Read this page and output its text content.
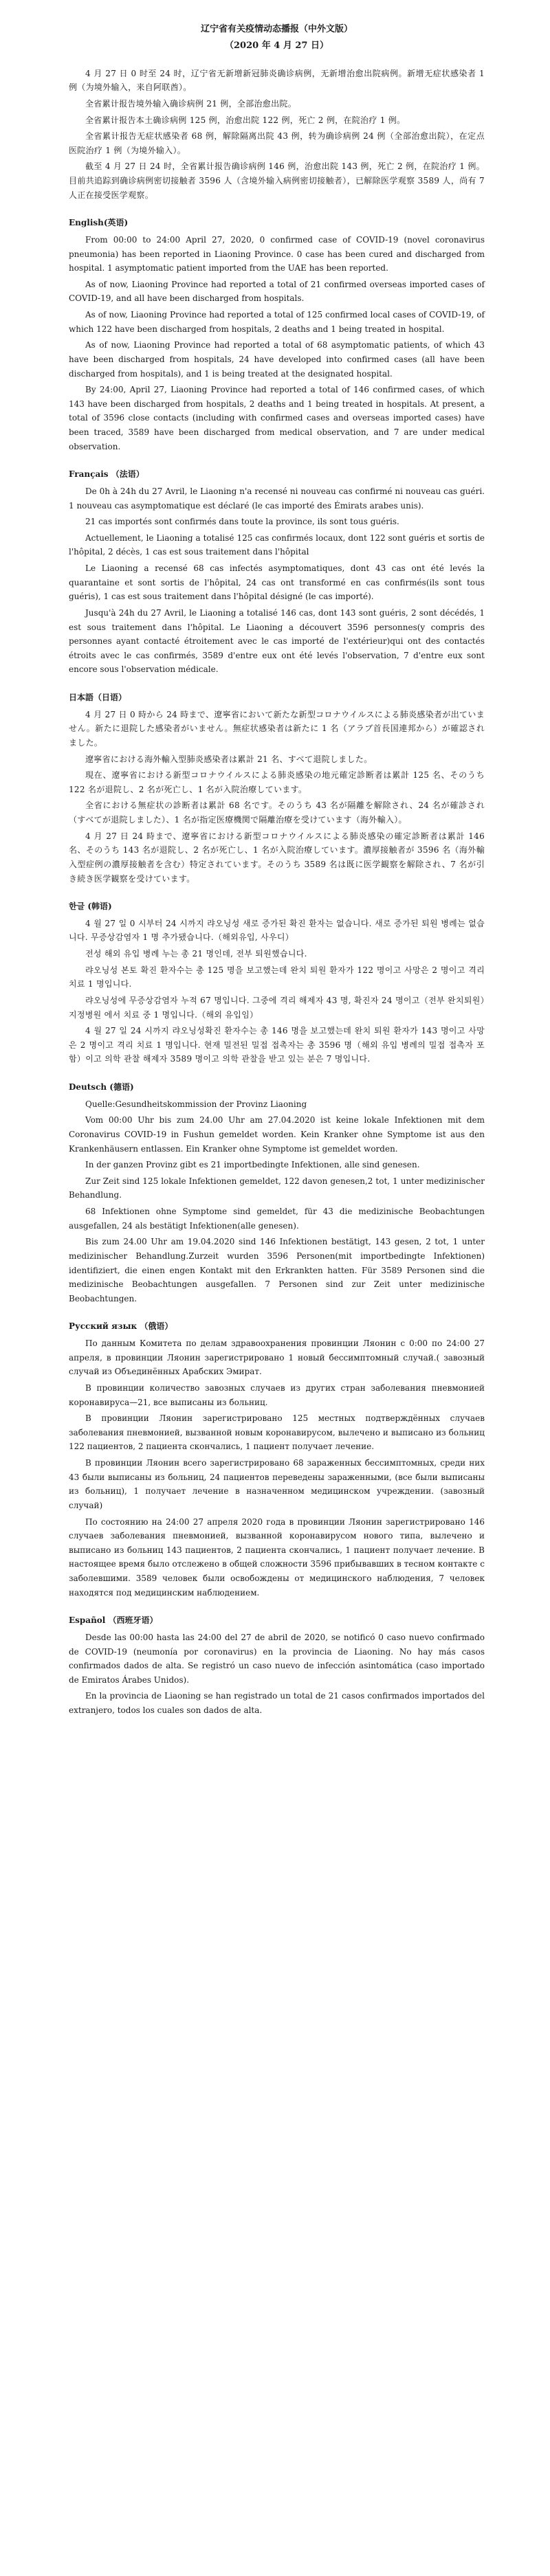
辽宁省有关疫情动态播报（中外文版）

（2020 年 4 月 27 日）

4 月 27 日 0 时至 24 时，辽宁省无新增新冠肺炎确诊病例，无新增治愈出院病例。新增无症状感染者 1 例（为境外输入，来自阿联酋）。

全省累计报告境外输入确诊病例 21 例，全部治愈出院。

全省累计报告本土确诊病例 125 例，治愈出院 122 例，死亡 2 例，在院治疗 1 例。

全省累计报告无症状感染者 68 例，解除隔离出院 43 例，转为确诊病例 24 例（全部治愈出院），在定点医院治疗 1 例（为境外输入）。

截至 4 月 27 日 24 时，全省累计报告确诊病例 146 例，治愈出院 143 例，死亡 2 例，在院治疗 1 例。目前共追踪到确诊病例密切接触者 3596 人（含境外输入病例密切接触者），已解除医学观察 3589 人，尚有 7 人正在接受医学观察。

English(英语)

From 00:00 to 24:00 April 27, 2020, 0 confirmed case of COVID-19 (novel coronavirus pneumonia) has been reported in Liaoning Province. 0 case has been cured and discharged from hospital. 1 asymptomatic patient imported from the UAE has been reported.

As of now, Liaoning Province had reported a total of 21 confirmed overseas imported cases of COVID-19, and all have been discharged from hospitals.

As of now, Liaoning Province had reported a total of 125 confirmed local cases of COVID-19, of which 122 have been discharged from hospitals, 2 deaths and 1 being treated in hospital.

As of now, Liaoning Province had reported a total of 68 asymptomatic patients, of which 43 have been discharged from hospitals, 24 have developed into confirmed cases (all have been discharged from hospitals), and 1 is being treated at the designated hospital.

By 24:00, April 27, Liaoning Province had reported a total of 146 confirmed cases, of which 143 have been discharged from hospitals, 2 deaths and 1 being treated in hospitals. At present, a total of 3596 close contacts (including with confirmed cases and overseas imported cases) have been traced, 3589 have been discharged from medical observation, and 7 are under medical observation.

Français （法语）

De 0h à 24h du 27 Avril, le Liaoning n'a recensé ni nouveau cas confirmé ni nouveau cas guéri. 1 nouveau cas asymptomatique est déclaré (le cas importé des Émirats arabes unis).

21 cas importés sont confirmés dans toute la province, ils sont tous guéris.

Actuellement, le Liaoning a totalisé 125 cas confirmés locaux, dont 122 sont guéris et sortis de l'hôpital, 2 décès, 1 cas est sous traitement dans l'hôpital

Le Liaoning a recensé 68 cas infectés asymptomatiques, dont 43 cas ont été levés la quarantaine et sont sortis de l'hôpital, 24 cas ont transformé en cas confirmés(ils sont tous guéris), 1 cas est sous traitement dans l'hôpital désigné (le cas importé).

Jusqu'à 24h du 27 Avril, le Liaoning a totalisé 146 cas, dont 143 sont guéris, 2 sont décédés, 1 est sous traitement dans l'hôpital. Le Liaoning a découvert 3596 personnes(y compris des personnes ayant contacté étroitement avec le cas importé de l'extérieur)qui ont des contactés étroits avec le cas confirmés, 3589 d'entre eux ont été levés l'observation, 7 d'entre eux sont encore sous l'observation médicale.

日本語（日语）

4 月 27 日 0 時から 24 時まで、遼寧省において新たな新型コロナウイルスによる肺炎感染者が出ていません。新たに退院した感染者がいません。無症状感染者は新たに 1 名（アラブ首長国連邦から）が確認されました。

遼寧省における海外輸入型肺炎感染者は累計 21 名、すべて退院しました。

現在、遼寧省における新型コロナウイルスによる肺炎感染の地元確定診断者は累計 125 名、そのうち 122 名が退院し、2 名が死亡し、1 名が入院治療しています。

全省における無症状の診断者は累計 68 名です。そのうち 43 名が隔離を解除され、24 名が確診され（すべてが退院しました）、1 名が指定医療機関で隔離治療を受けています（海外輸入）。

4 月 27 日 24 時まで、遼寧省における新型コロナウイルスによる肺炎感染の確定診断者は累計 146 名、そのうち 143 名が退院し、2 名が死亡し、1 名が入院治療しています。濃厚接触者が 3596 名（海外輸入型症例の濃厚接触者を含む）特定されています。そのうち 3589 名は既に医学観察を解除され、7 名が引き続き医学観察を受けています。

한글 (韩语)

4 월 27 일 0 시부터 24 시까지 랴오닝성 새로 증가된 확진 환자는 없습니다. 새로 증가된 퇴원 병례는 없습니다. 무증상감염자 1 명 추가됐습니다.（해외유입, 사우디）

전성 해외 유입 병례 누는 총 21 명인데, 전부 퇴원했습니다.

랴오닝성 본토 확진 환자수는 총 125 명을 보고했는데 완치 퇴원 환자가 122 명이고 사망은 2 명이고 격리 치료 1 명입니다.

랴오닝성에 무증상감염자 누적 67 명입니다. 그중에 격리 해제자 43 명, 확진자 24 명이고（전부 완치퇴원）지정병원 에서 치료 중 1 명입니다.（해외 유입임）

4 월 27 일 24 시까지 랴오닝성확진 환자수는 총 146 명을 보고했는데 완치 퇴원 환자가 143 명이고 사망은 2 명이고 격리 치료 1 명입니다. 현재 밀전된 밀접 접촉자는 총 3596 명（해외 유입 병례의 밀접 접촉자 포함）이고 의학 관찰 해제자 3589 명이고 의학 관찰을 받고 있는 분은 7 명입니다.

Deutsch (德语)

Quelle:Gesundheitskommission der Provinz Liaoning

Vom 00:00 Uhr bis zum 24.00 Uhr am 27.04.2020 ist keine lokale Infektionen mit dem Coronavirus COVID-19 in Fushun gemeldet worden. Kein Kranker ohne Symptome ist aus den Krankenhäusern entlassen. Ein Kranker ohne Symptome ist gemeldet worden.

In der ganzen Provinz gibt es 21 importbedingte Infektionen, alle sind genesen.

Zur Zeit sind 125 lokale Infektionen gemeldet, 122 davon genesen,2 tot, 1 unter medizinischer Behandlung.

68 Infektionen ohne Symptome sind gemeldet, für 43 die medizinische Beobachtungen ausgefallen, 24 als bestätigt Infektionen(alle genesen).

Bis zum 24.00 Uhr am 19.04.2020 sind 146 Infektionen bestätigt, 143 gesen, 2 tot, 1 unter medizinischer Behandlung.Zurzeit wurden 3596 Personen(mit importbedingte Infektionen) identifiziert, die einen engen Kontakt mit den Erkrankten hatten. Für 3589 Personen sind die medizinische Beobachtungen ausgefallen. 7 Personen sind zur Zeit unter medizinische Beobachtungen.

Русский язык （俄语）

По данным Комитета по делам здравоохранения провинции Ляонин с 0:00 по 24:00 27 апреля, в провинции Ляонин зарегистрировано 1 новый бессимптомный случай.( завозный случай из Объединённых Арабских Эмират.

В провинции количество завозных случаев из других стран заболевания пневмонией коронавируса—21, все выписаны из больниц.

В провинции Ляонин зарегистрировано 125 местных подтверждённых случаев заболевания пневмонией, вызванной новым коронавирусом, вылечено и выписано из больниц 122 пациентов, 2 пациента скончались, 1 пациент получает лечение.

В провинции Ляонин всего зарегистрировано 68 зараженных бессимптомных, среди них 43 были выписаны из больниц, 24 пациентов переведены зараженными, (все были выписаны из больниц), 1 получает лечение в назначенном медицинском учреждении. (завозный случай)

По состоянию на 24:00 27 апреля 2020 года в провинции Ляонин зарегистрировано 146 случаев заболевания пневмонией, вызванной коронавирусом нового типа, вылечено и выписано из больниц 143 пациентов, 2 пациента скончались, 1 пациент получает лечение. В настоящее время было отслежено в общей сложности 3596 прибывавших в тесном контакте с заболевшими. 3589 человек были освобождены от медицинского наблюдения, 7 человек находятся под медицинским наблюдением.

Español （西班牙语）

Desde las 00:00 hasta las 24:00 del 27 de abril de 2020, se notificó 0 caso nuevo confirmado de COVID-19 (neumonía por coronavirus) en la provincia de Liaoning. No hay más casos confirmados dados de alta. Se registró un caso nuevo de infección asintomática (caso importado de Emiratos Árabes Unidos).

En la provincia de Liaoning se han registrado un total de 21 casos confirmados importados del extranjero, todos los cuales son dados de alta.
